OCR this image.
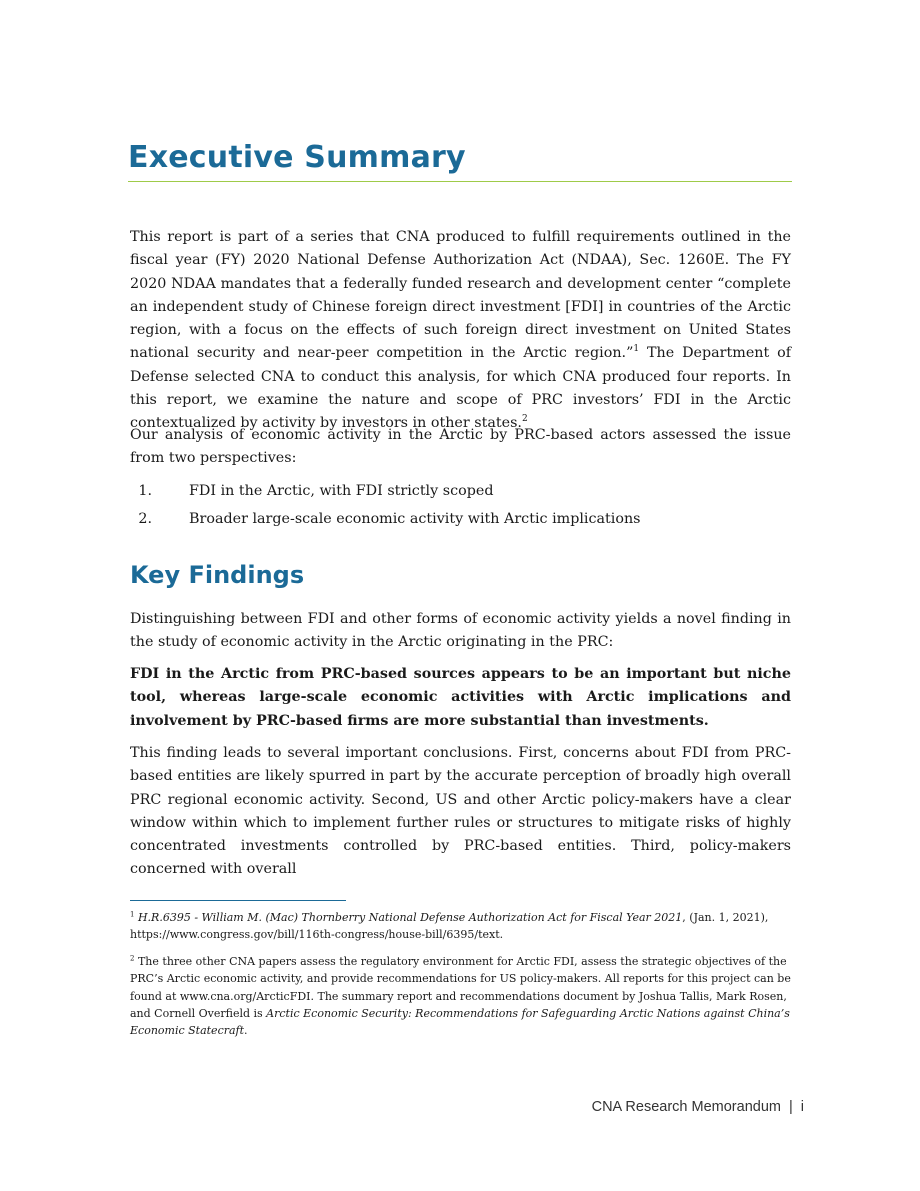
Executive Summary

This report is part of a series that CNA produced to fulfill requirements outlined in the fiscal year (FY) 2020 National Defense Authorization Act (NDAA), Sec. 1260E. The FY 2020 NDAA mandates that a federally funded research and development center “complete an independent study of Chinese foreign direct investment [FDI] in countries of the Arctic region, with a focus on the effects of such foreign direct investment on United States national security and near-peer competition in the Arctic region.”$^1$ The Department of Defense selected CNA to conduct this analysis, for which CNA produced four reports. In this report, we examine the nature and scope of PRC investors’ FDI in the Arctic contextualized by activity by investors in other states.$^2$

Our analysis of economic activity in the Arctic by PRC-based actors assessed the issue from two perspectives:

1.	FDI in the Arctic, with FDI strictly scoped
2.	Broader large-scale economic activity with Arctic implications
Key Findings

Distinguishing between FDI and other forms of economic activity yields a novel finding in the study of economic activity in the Arctic originating in the PRC:

FDI in the Arctic from PRC-based sources appears to be an important but niche tool, whereas large-scale economic activities with Arctic implications and involvement by PRC-based firms are more substantial than investments.

This finding leads to several important conclusions. First, concerns about FDI from PRC-based entities are likely spurred in part by the accurate perception of broadly high overall PRC regional economic activity. Second, US and other Arctic policy-makers have a clear window within which to implement further rules or structures to mitigate risks of highly concentrated investments controlled by PRC-based entities. Third, policy-makers concerned with overall

$^1$ H.R.6395 - William M. (Mac) Thornberry National Defense Authorization Act for Fiscal Year 2021, (Jan. 1, 2021), https://www.congress.gov/bill/116th-congress/house-bill/6395/text.

$^2$ The three other CNA papers assess the regulatory environment for Arctic FDI, assess the strategic objectives of the PRC’s Arctic economic activity, and provide recommendations for US policy-makers. All reports for this project can be found at www.cna.org/ArcticFDI. The summary report and recommendations document by Joshua Tallis, Mark Rosen, and Cornell Overfield is Arctic Economic Security: Recommendations for Safeguarding Arctic Nations against China’s Economic Statecraft.

CNA Research Memorandum | i
